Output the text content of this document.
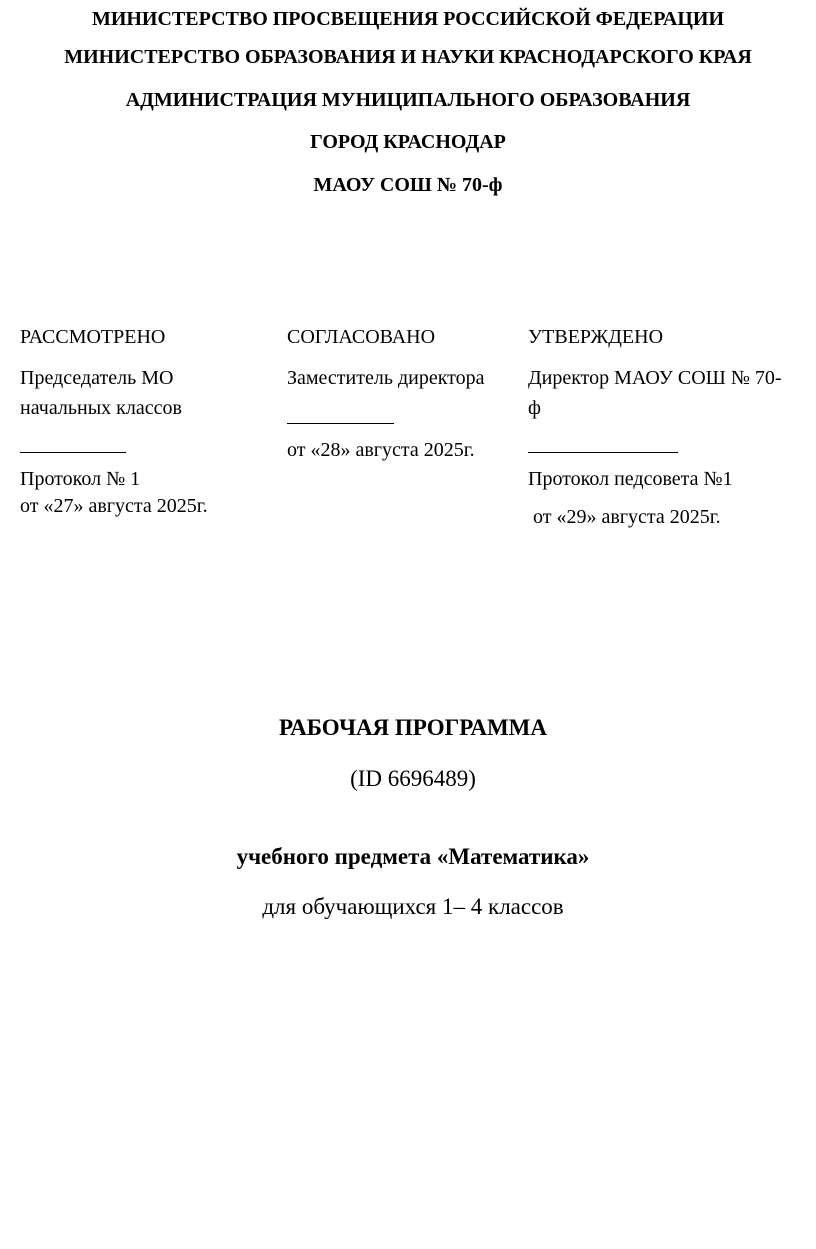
МИНИСТЕРСТВО ПРОСВЕЩЕНИЯ РОССИЙСКОЙ ФЕДЕРАЦИИ
МИНИСТЕРСТВО ОБРАЗОВАНИЯ И НАУКИ КРАСНОДАРСКОГО КРАЯ
АДМИНИСТРАЦИЯ МУНИЦИПАЛЬНОГО ОБРАЗОВАНИЯ
ГОРОД КРАСНОДАР
МАОУ СОШ № 70-ф
РАССМОТРЕНО
Председатель МО
начальных классов
Протокол № 1
от «27» августа 2025г.
СОГЛАСОВАНО
Заместитель директора
от «28» августа 2025г.
УТВЕРЖДЕНО
Директор МАОУ СОШ № 70-
ф
Протокол педсовета №1
от «29» августа 2025г.
РАБОЧАЯ ПРОГРАММА
(ID 6696489)
учебного предмета «Математика»
для обучающихся 1– 4 классов
